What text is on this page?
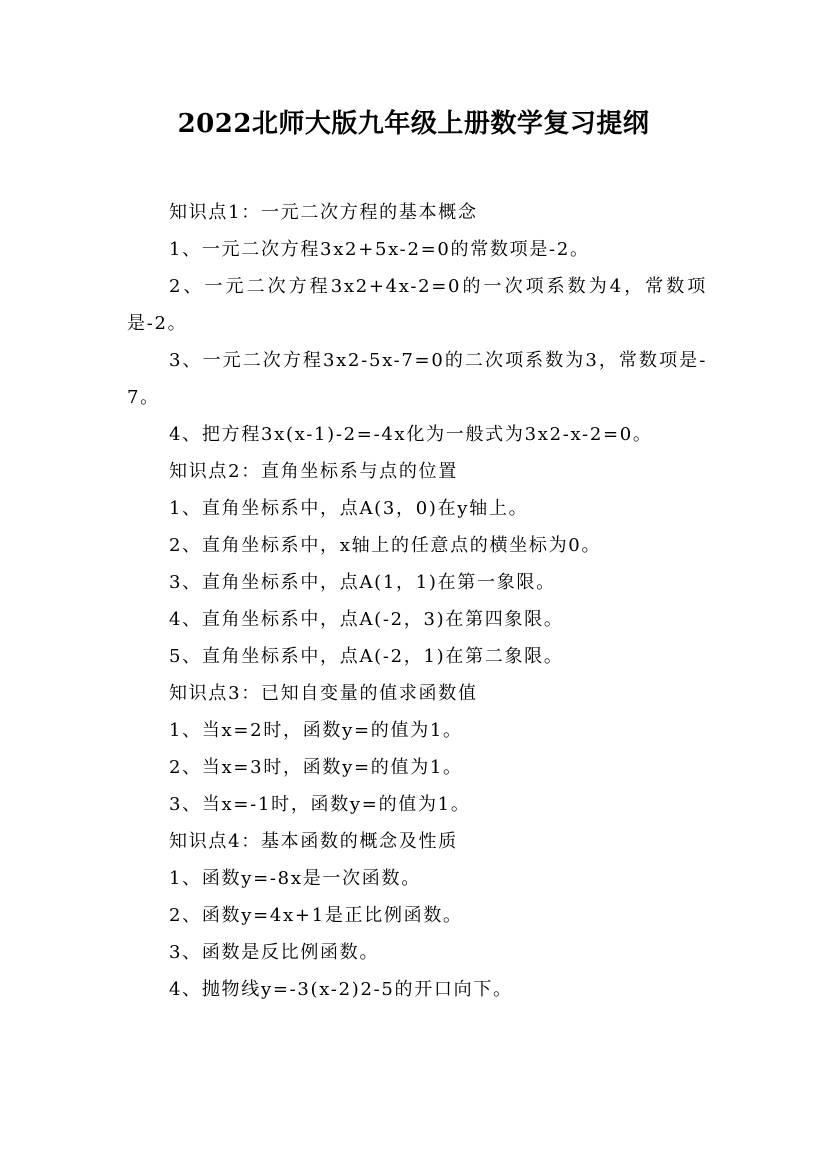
2022北师大版九年级上册数学复习提纲

知识点1：一元二次方程的基本概念

1、一元二次方程3x2+5x-2=0的常数项是-2。

2、一元二次方程3x2+4x-2=0的一次项系数为4，常数项是-2。

3、一元二次方程3x2-5x-7=0的二次项系数为3，常数项是-7。

4、把方程3x(x-1)-2=-4x化为一般式为3x2-x-2=0。

知识点2：直角坐标系与点的位置

1、直角坐标系中，点A(3，0)在y轴上。

2、直角坐标系中，x轴上的任意点的横坐标为0。

3、直角坐标系中，点A(1，1)在第一象限。

4、直角坐标系中，点A(-2，3)在第四象限。

5、直角坐标系中，点A(-2，1)在第二象限。

知识点3：已知自变量的值求函数值

1、当x=2时，函数y=的值为1。

2、当x=3时，函数y=的值为1。

3、当x=-1时，函数y=的值为1。

知识点4：基本函数的概念及性质

1、函数y=-8x是一次函数。

2、函数y=4x+1是正比例函数。

3、函数是反比例函数。

4、抛物线y=-3(x-2)2-5的开口向下。
